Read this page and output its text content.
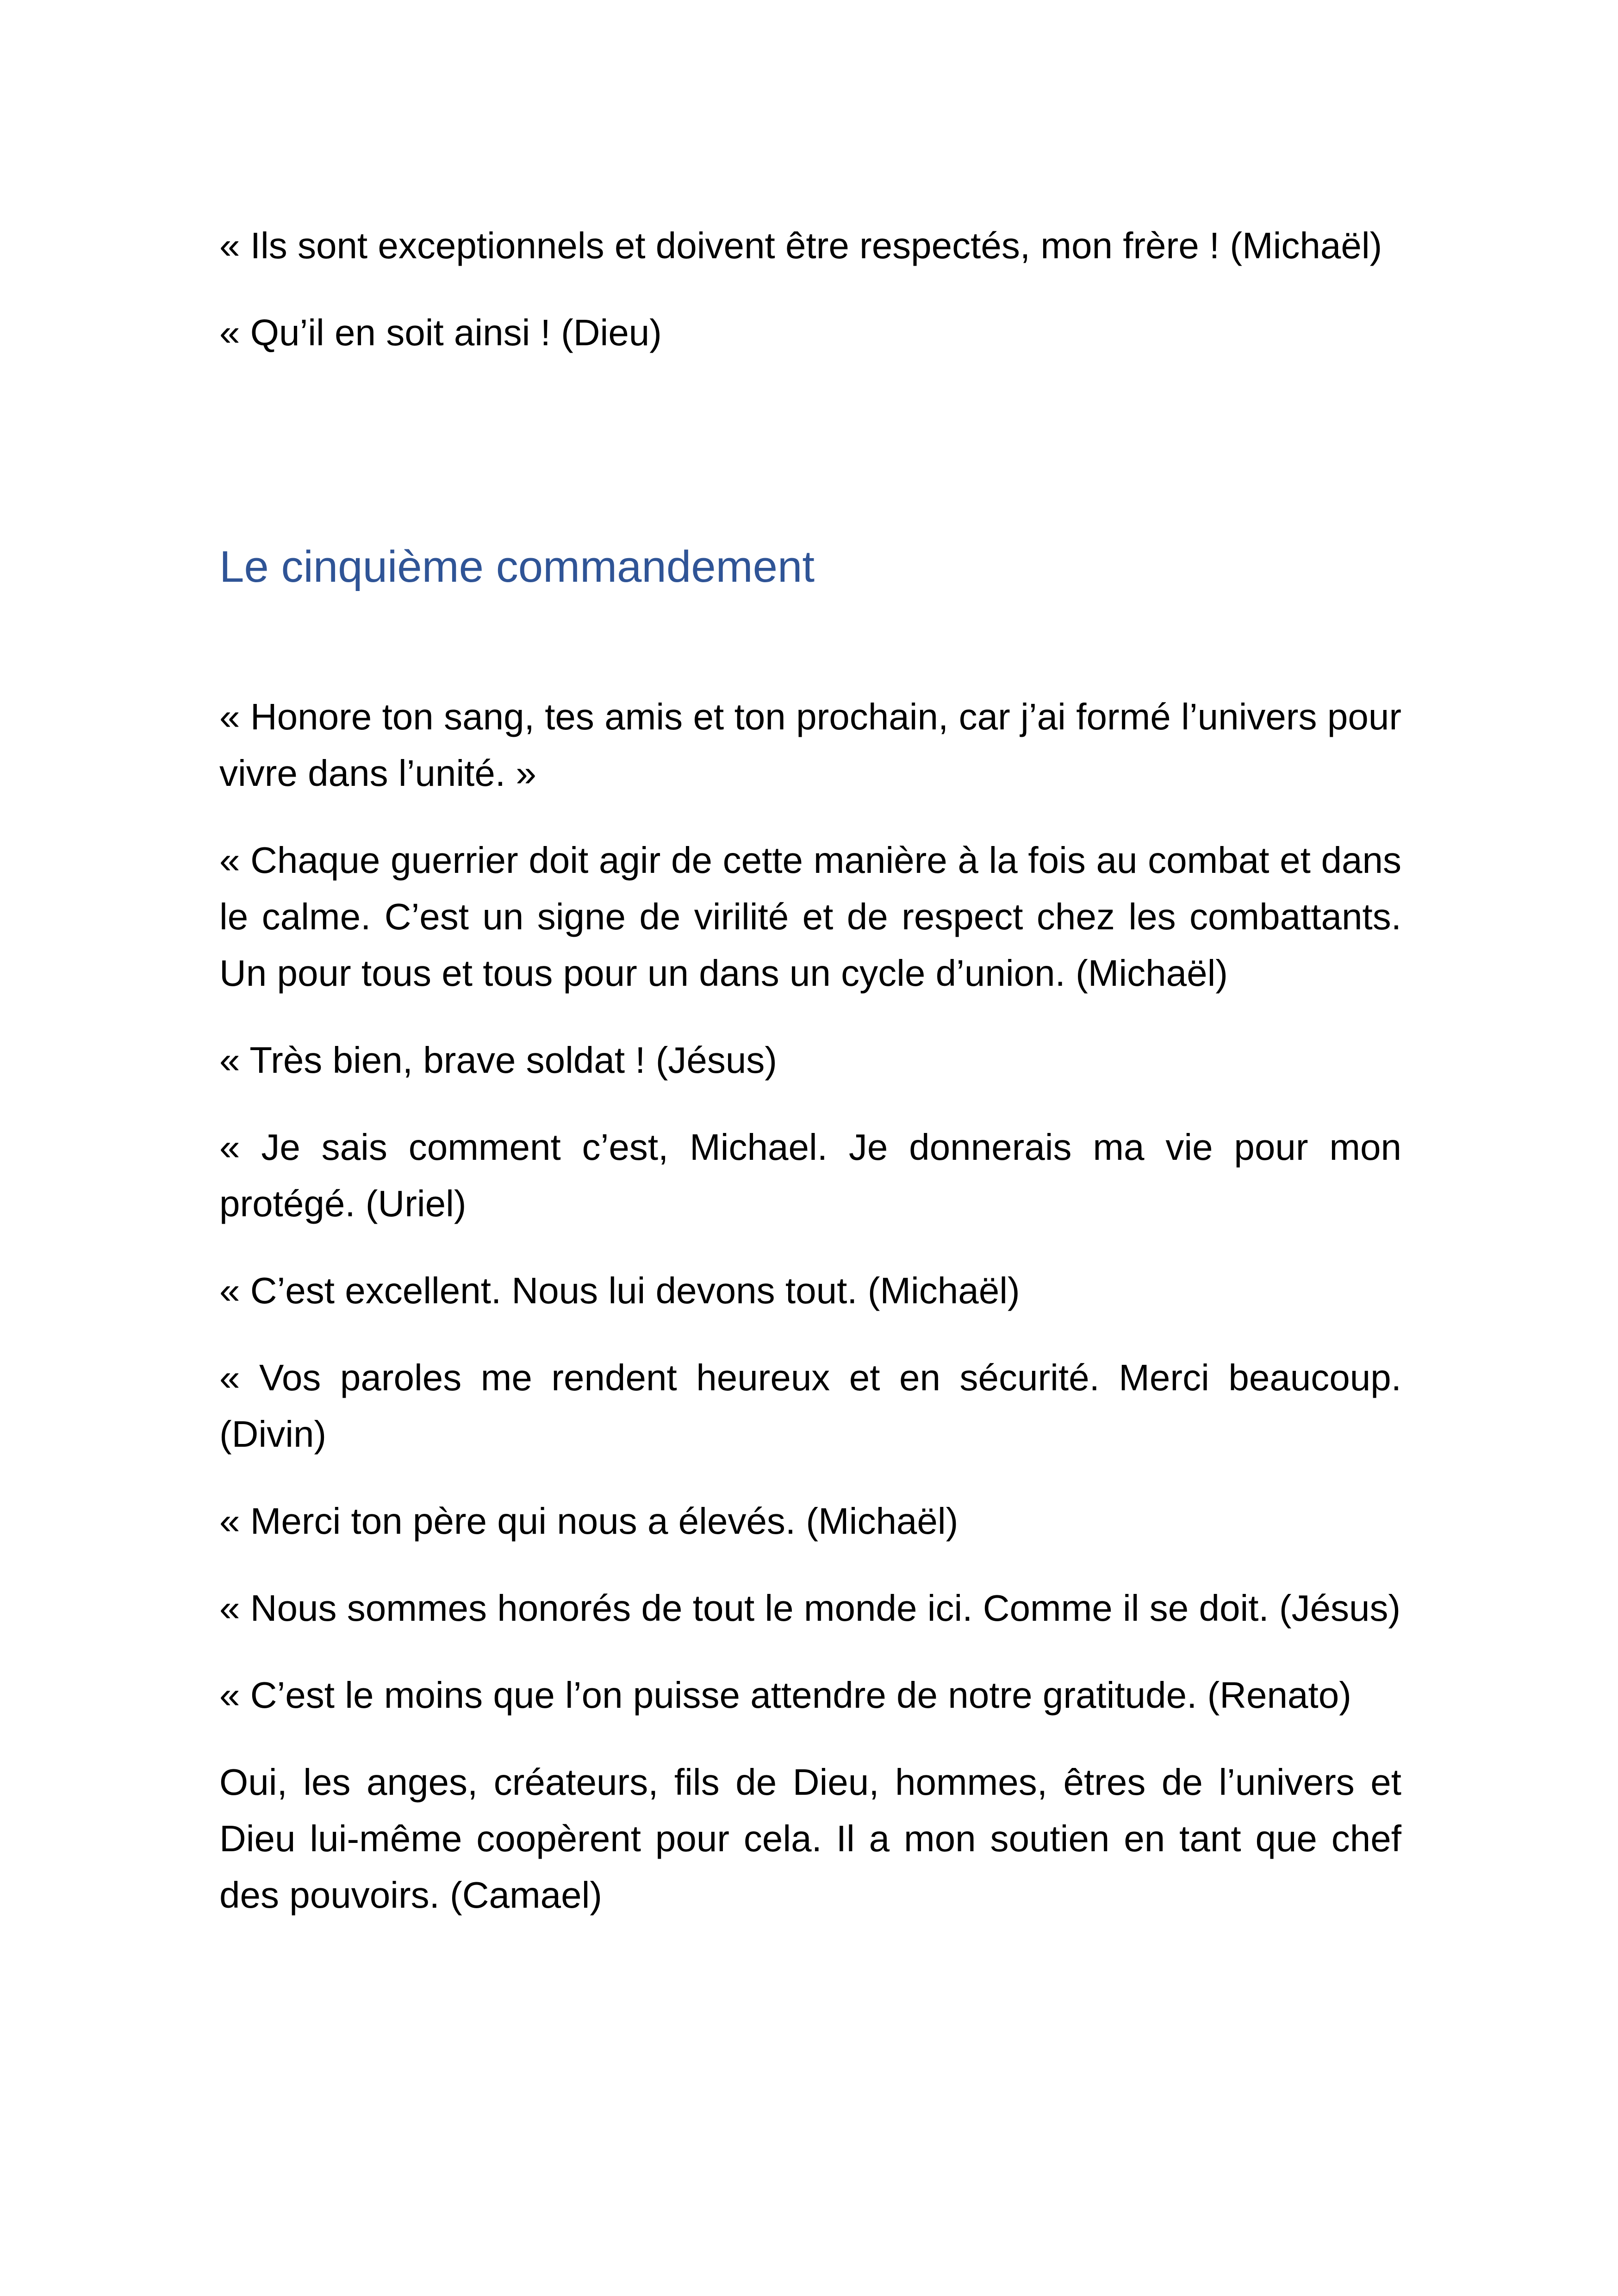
« Ils sont exceptionnels et doivent être respectés, mon frère ! (Michaël)

« Qu’il en soit ainsi ! (Dieu)

Le cinquième commandement

« Honore ton sang, tes amis et ton prochain, car j’ai formé l’univers pour vivre dans l’unité. »

« Chaque guerrier doit agir de cette manière à la fois au combat et dans le calme. C’est un signe de virilité et de respect chez les combattants. Un pour tous et tous pour un dans un cycle d’union. (Michaël)

« Très bien, brave soldat ! (Jésus)

« Je sais comment c’est, Michael. Je donnerais ma vie pour mon protégé. (Uriel)

« C’est excellent. Nous lui devons tout. (Michaël)

« Vos paroles me rendent heureux et en sécurité. Merci beaucoup. (Divin)

« Merci ton père qui nous a élevés. (Michaël)

« Nous sommes honorés de tout le monde ici. Comme il se doit. (Jésus)

« C’est le moins que l’on puisse attendre de notre gratitude. (Renato)

Oui, les anges, créateurs, fils de Dieu, hommes, êtres de l’univers et Dieu lui-même coopèrent pour cela. Il a mon soutien en tant que chef des pouvoirs. (Camael)
